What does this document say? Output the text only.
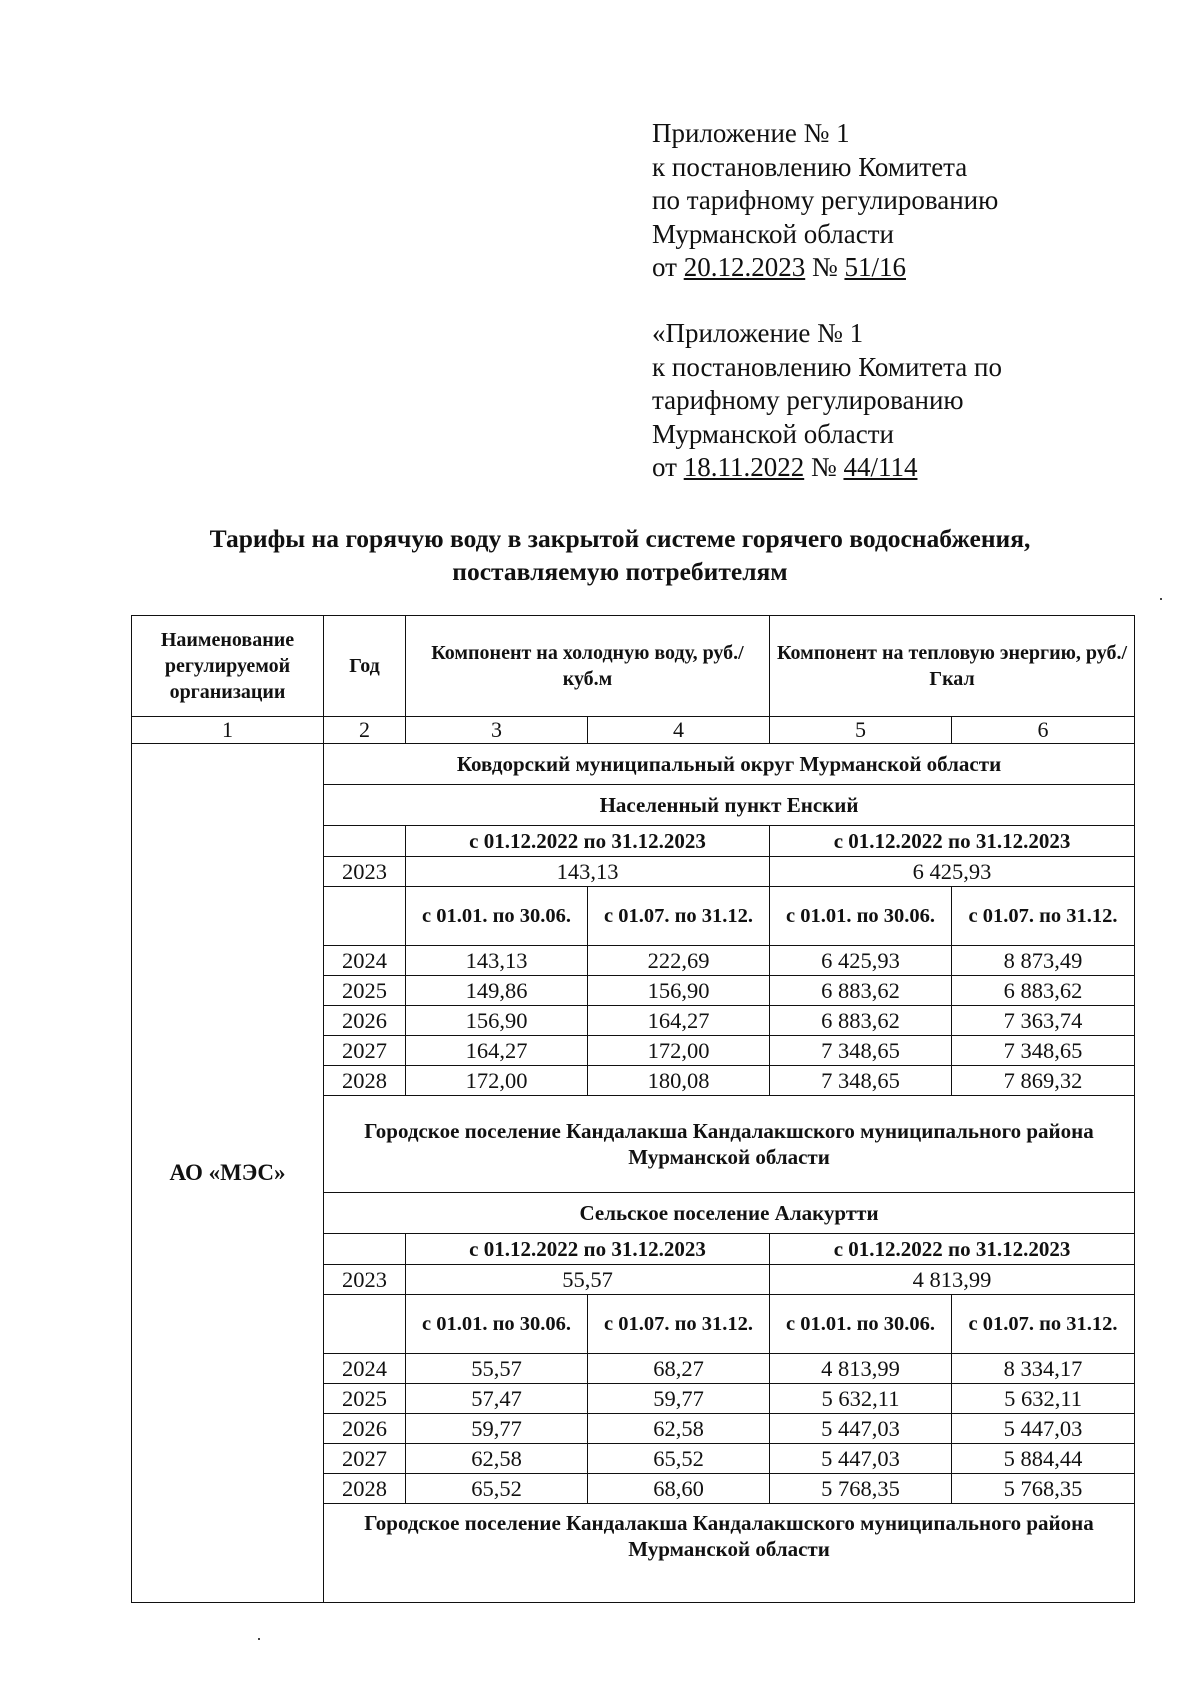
Приложение № 1
к постановлению Комитета
по тарифному регулированию
Мурманской области
от 20.12.2023 № 51/16
«Приложение № 1
к постановлению Комитета по
тарифному регулированию
Мурманской области
от 18.11.2022 № 44/114
Тарифы на горячую воду в закрытой системе горячего водоснабжения, поставляемую потребителям
Наименование регулируемой организации	Год	Компонент на холодную воду, руб./куб.м		Компонент на тепловую энергию, руб./Гкал	
1	2	3	4	5	6
АО «МЭС»	Ковдорский муниципальный округ Мурманской области				
	Населенный пункт Енский				
		с 01.12.2022 по 31.12.2023		с 01.12.2022 по 31.12.2023	
	2023	143,13		6 425,93	
		с 01.01. по 30.06.	с 01.07. по 31.12.	с 01.01. по 30.06.	с 01.07. по 31.12.
	2024	143,13	222,69	6 425,93	8 873,49
	2025	149,86	156,90	6 883,62	6 883,62
	2026	156,90	164,27	6 883,62	7 363,74
	2027	164,27	172,00	7 348,65	7 348,65
	2028	172,00	180,08	7 348,65	7 869,32
	Городское поселение Кандалакша Кандалакшского муниципального района Мурманской области				
	Сельское поселение Алакуртти				
		с 01.12.2022 по 31.12.2023		с 01.12.2022 по 31.12.2023	
	2023	55,57		4 813,99	
		с 01.01. по 30.06.	с 01.07. по 31.12.	с 01.01. по 30.06.	с 01.07. по 31.12.
	2024	55,57	68,27	4 813,99	8 334,17
	2025	57,47	59,77	5 632,11	5 632,11
	2026	59,77	62,58	5 447,03	5 447,03
	2027	62,58	65,52	5 447,03	5 884,44
	2028	65,52	68,60	5 768,35	5 768,35
	Городское поселение Кандалакша Кандалакшского муниципального района Мурманской области				
